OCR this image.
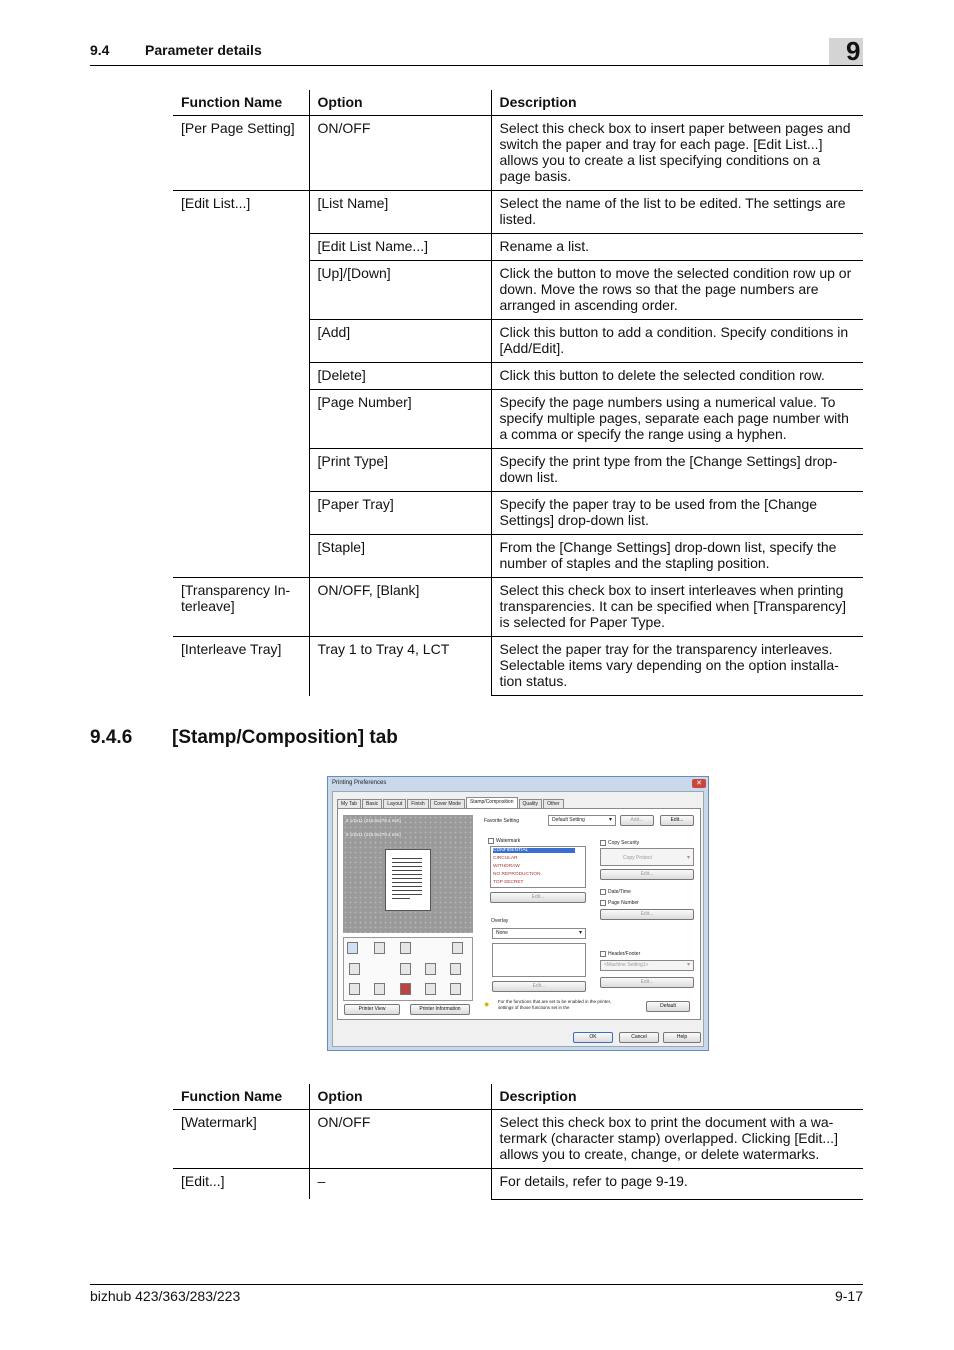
9.4	Parameter details	9
Function Name	Option	Description
[Per Page Setting]	ON/OFF	Select this check box to insert paper between pages and switch the paper and tray for each page. [Edit List...] allows you to create a list specifying conditions on a page basis.
[Edit List...]	[List Name]	Select the name of the list to be edited. The settings are listed.
	[Edit List Name...]	Rename a list.
	[Up]/[Down]	Click the button to move the selected condition row up or down. Move the rows so that the page numbers are arranged in ascending order.
	[Add]	Click this button to add a condition. Specify conditions in [Add/Edit].
	[Delete]	Click this button to delete the selected condition row.
	[Page Number]	Specify the page numbers using a numerical value. To specify multiple pages, separate each page number with a comma or specify the range using a hyphen.
	[Print Type]	Specify the print type from the [Change Settings] drop-down list.
	[Paper Tray]	Specify the paper tray to be used from the [Change Settings] drop-down list.
	[Staple]	From the [Change Settings] drop-down list, specify the number of staples and the stapling position.
[Transparency In-terleave]	ON/OFF, [Blank]	Select this check box to insert interleaves when printing transparencies. It can be specified when [Transparency] is selected for Paper Type.
[Interleave Tray]	Tray 1 to Tray 4, LCT	Select the paper tray for the transparency interleaves. Selectable items vary depending on the option installa-tion status.
9.4.6 [Stamp/Composition] tab
Printing Preferences	✕
My Tab	Basic	Layout	Finish	Cover Mode	Stamp/Composition	Quality	Other
8 1/2x11 (215.9x279.4 mm)
8 1/2x11 (215.9x279.4 mm)
Printer View	Printer Information
Favorite Setting	Default Setting ▾	Add...	Edit...
Watermark
CONFIDENTIAL
CIRCULAR
WITHDRAW
NO REPRODUCTION
TOP SECRET
Edit...
Overlay
None ▾
Edit...
Copy Security
Copy Protect ▾
Edit...
Date/Time
Page Number
Edit...
Header/Footer
<Machine Setting1> ▾
Edit...
● For the functions that are set to be enabled in the printer, settings of those functions set in the	Default
OK	Cancel	Help
Function Name	Option	Description
[Watermark]	ON/OFF	Select this check box to print the document with a wa-termark (character stamp) overlapped. Clicking [Edit...] allows you to create, change, or delete watermarks.
[Edit...]	–	For details, refer to page 9-19.
bizhub 423/363/283/223	9-17
